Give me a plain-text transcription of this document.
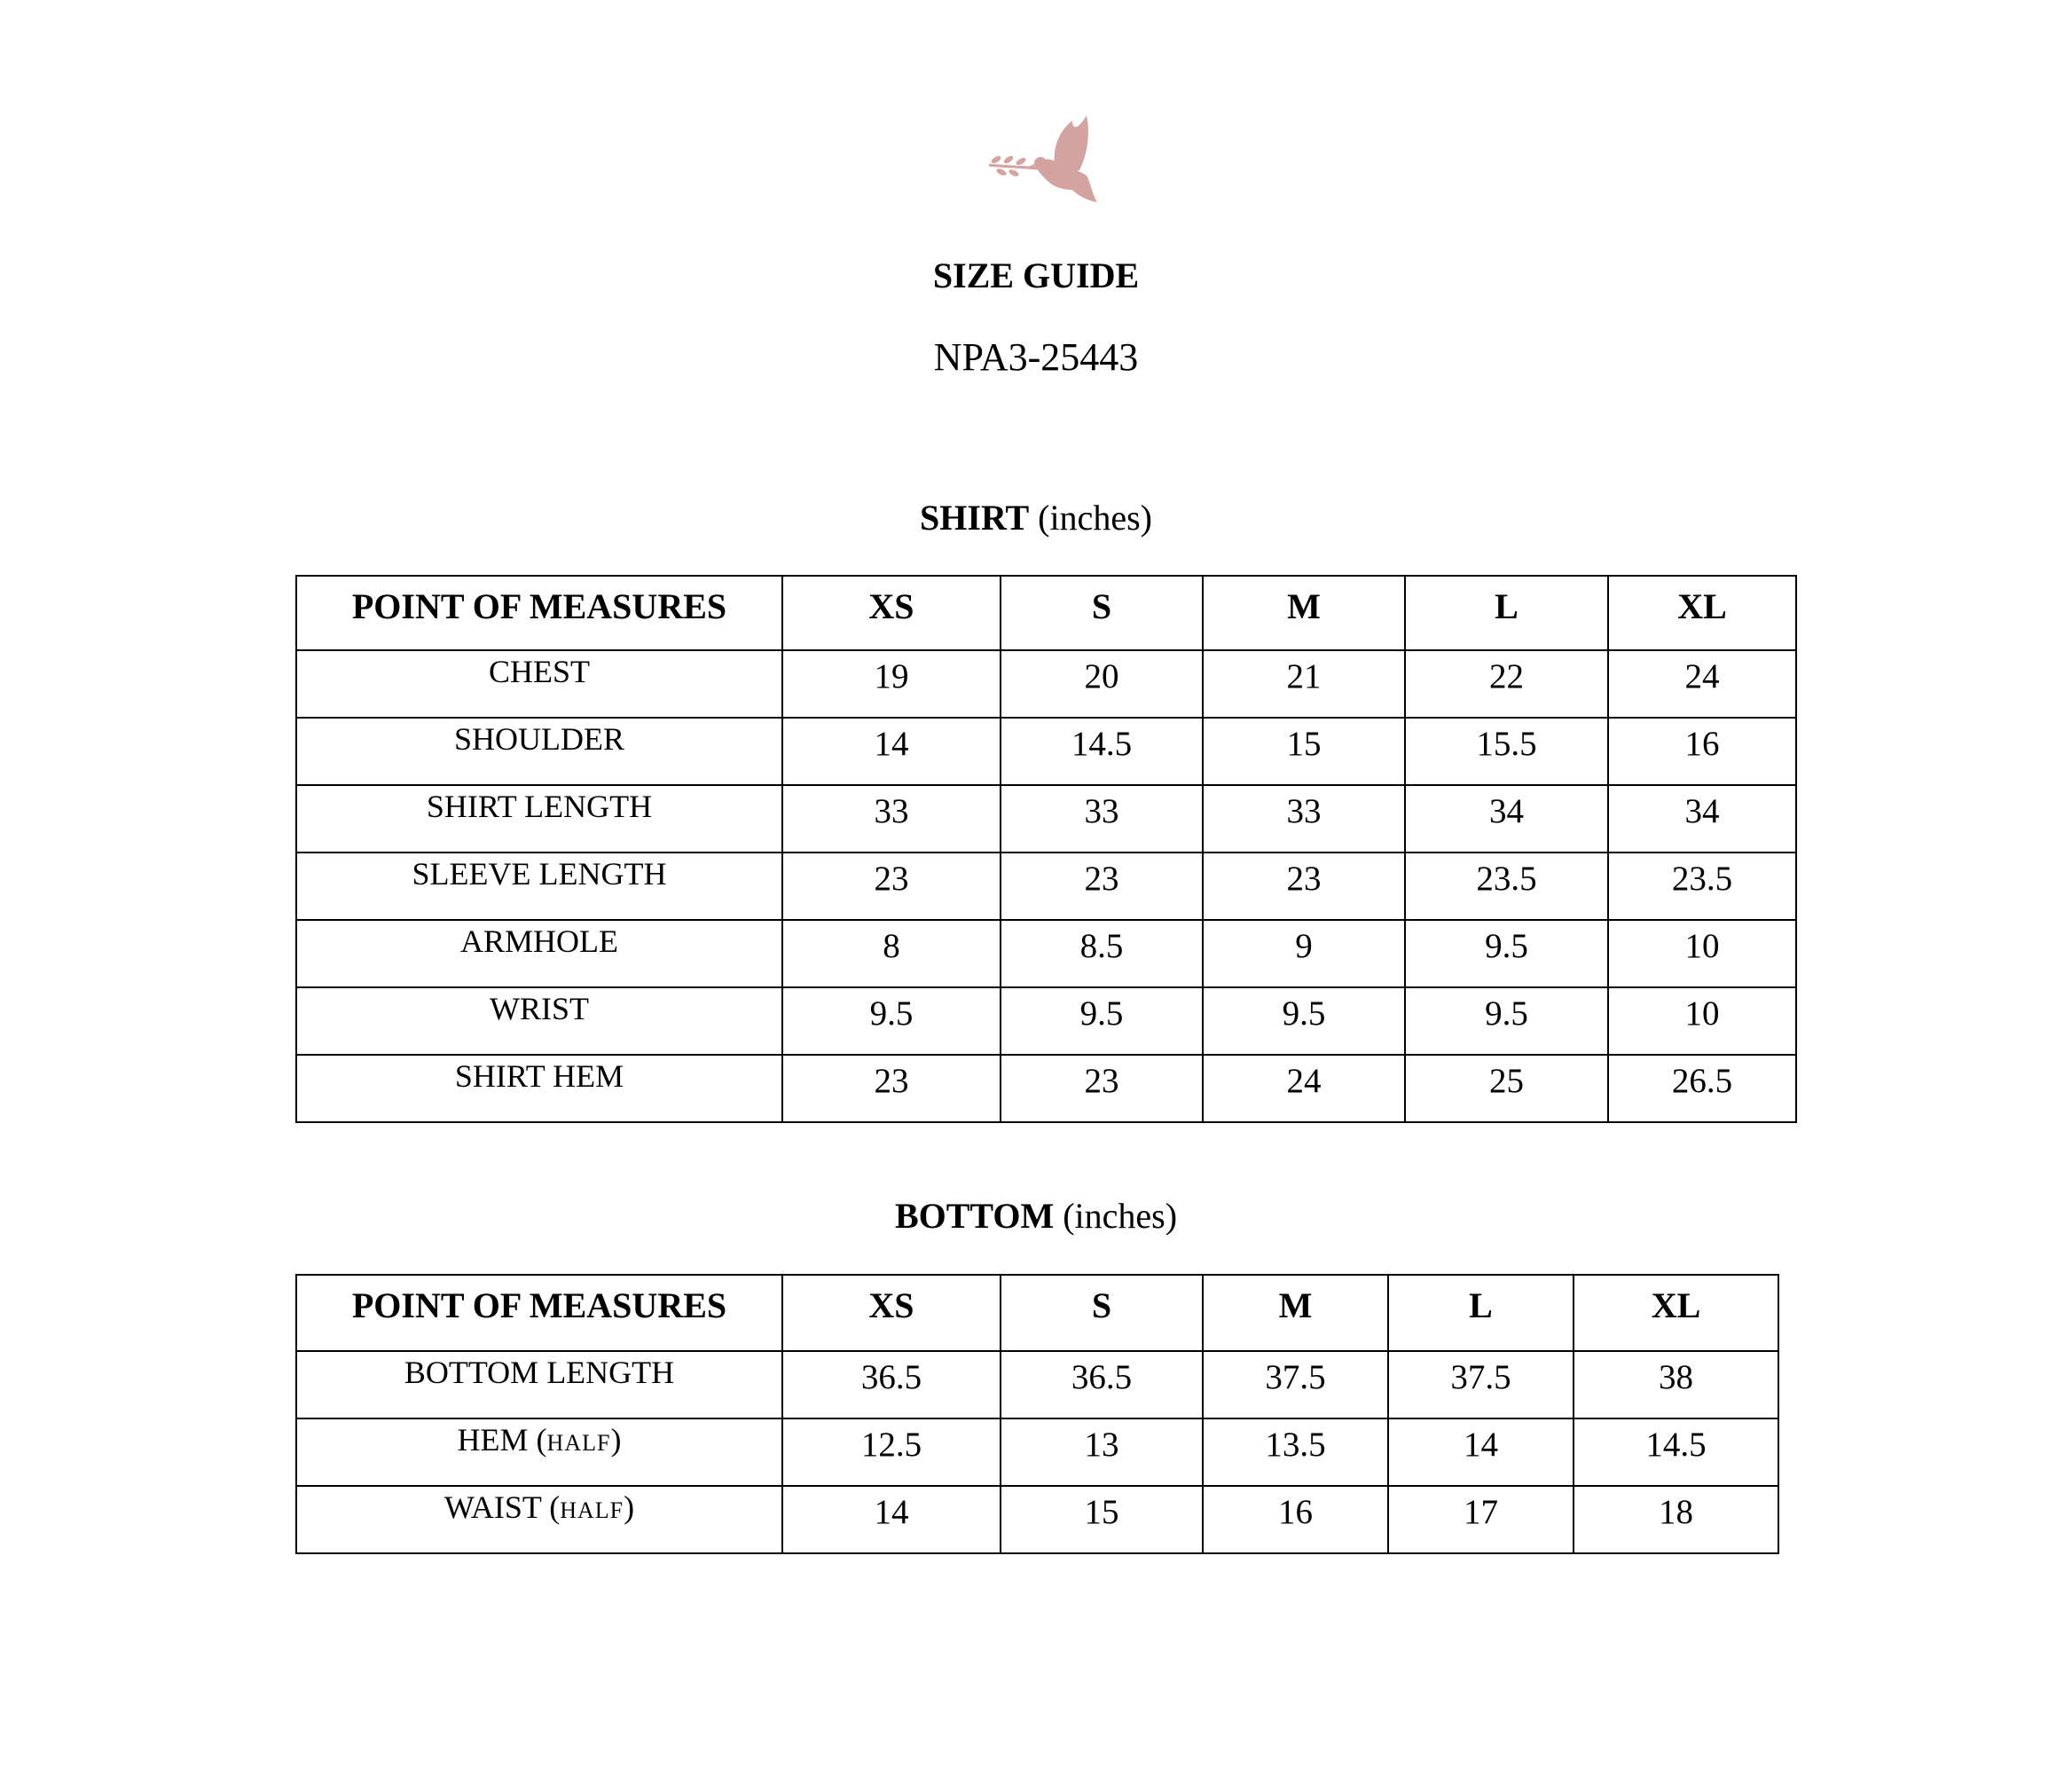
SIZE GUIDE
NPA3-25443
SHIRT (inches)
POINT OF MEASURES	XS	S	M	L	XL
CHEST	19	20	21	22	24
SHOULDER	14	14.5	15	15.5	16
SHIRT LENGTH	33	33	33	34	34
SLEEVE LENGTH	23	23	23	23.5	23.5
ARMHOLE	8	8.5	9	9.5	10
WRIST	9.5	9.5	9.5	9.5	10
SHIRT HEM	23	23	24	25	26.5
BOTTOM (inches)
POINT OF MEASURES	XS	S	M	L	XL
BOTTOM LENGTH	36.5	36.5	37.5	37.5	38
HEM (HALF)	12.5	13	13.5	14	14.5
WAIST (HALF)	14	15	16	17	18
